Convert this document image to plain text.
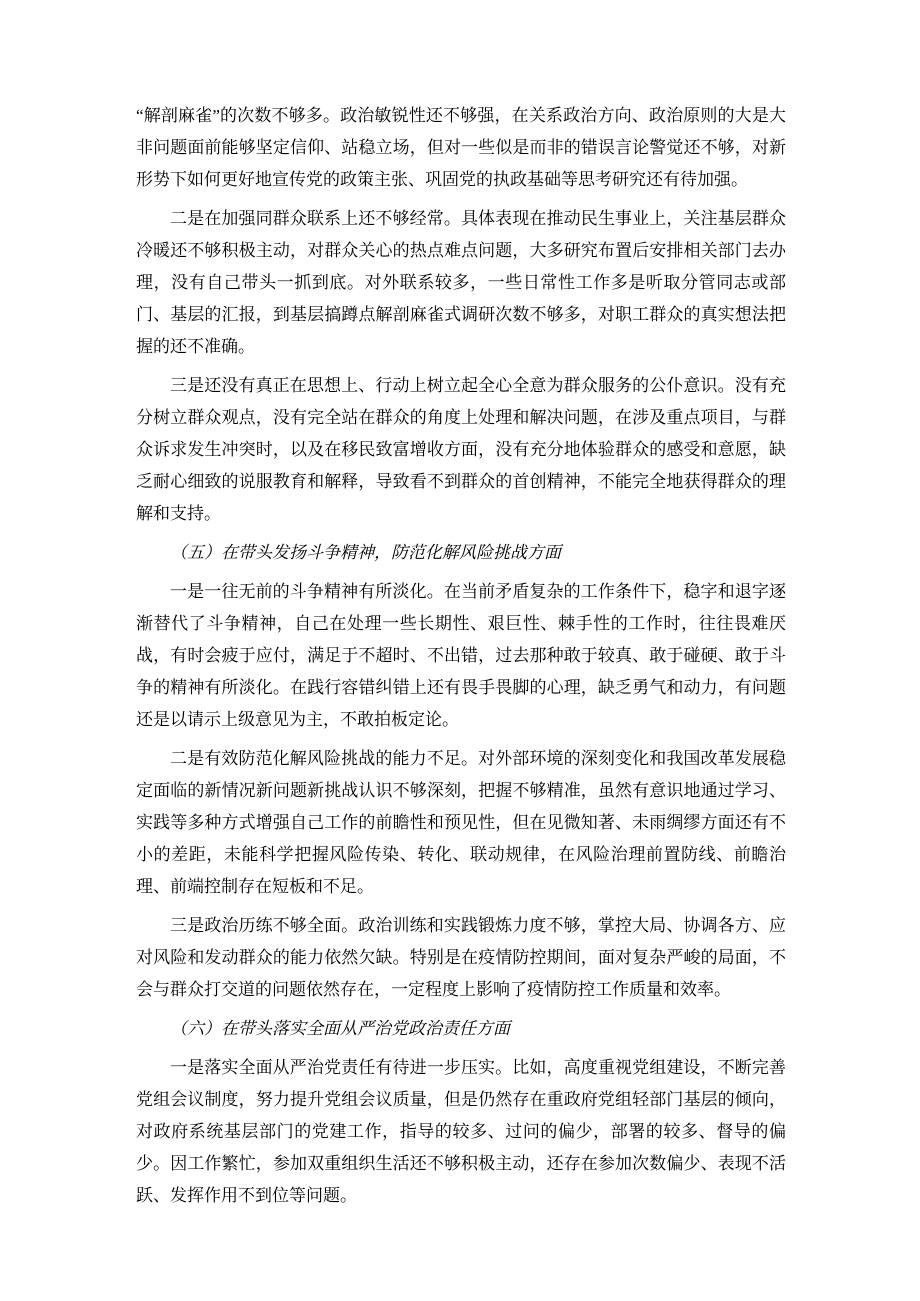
“解剖麻雀”的次数不够多。政治敏锐性还不够强，在关系政治方向、政治原则的大是大非问题面前能够坚定信仰、站稳立场，但对一些似是而非的错误言论警觉还不够，对新形势下如何更好地宣传党的政策主张、巩固党的执政基础等思考研究还有待加强。

二是在加强同群众联系上还不够经常。具体表现在推动民生事业上，关注基层群众冷暖还不够积极主动，对群众关心的热点难点问题，大多研究布置后安排相关部门去办理，没有自己带头一抓到底。对外联系较多，一些日常性工作多是听取分管同志或部门、基层的汇报，到基层搞蹲点解剖麻雀式调研次数不够多，对职工群众的真实想法把握的还不准确。

三是还没有真正在思想上、行动上树立起全心全意为群众服务的公仆意识。没有充分树立群众观点，没有完全站在群众的角度上处理和解决问题，在涉及重点项目，与群众诉求发生冲突时，以及在移民致富增收方面，没有充分地体验群众的感受和意愿，缺乏耐心细致的说服教育和解释，导致看不到群众的首创精神，不能完全地获得群众的理解和支持。

（五）在带头发扬斗争精神，防范化解风险挑战方面

一是一往无前的斗争精神有所淡化。在当前矛盾复杂的工作条件下，稳字和退字逐渐替代了斗争精神，自己在处理一些长期性、艰巨性、棘手性的工作时，往往畏难厌战，有时会疲于应付，满足于不超时、不出错，过去那种敢于较真、敢于碰硬、敢于斗争的精神有所淡化。在践行容错纠错上还有畏手畏脚的心理，缺乏勇气和动力，有问题还是以请示上级意见为主，不敢拍板定论。

二是有效防范化解风险挑战的能力不足。对外部环境的深刻变化和我国改革发展稳定面临的新情况新问题新挑战认识不够深刻，把握不够精准，虽然有意识地通过学习、实践等多种方式增强自己工作的前瞻性和预见性，但在见微知著、未雨绸缪方面还有不小的差距，未能科学把握风险传染、转化、联动规律，在风险治理前置防线、前瞻治理、前端控制存在短板和不足。

三是政治历练不够全面。政治训练和实践锻炼力度不够，掌控大局、协调各方、应对风险和发动群众的能力依然欠缺。特别是在疫情防控期间，面对复杂严峻的局面，不会与群众打交道的问题依然存在，一定程度上影响了疫情防控工作质量和效率。

（六）在带头落实全面从严治党政治责任方面

一是落实全面从严治党责任有待进一步压实。比如，高度重视党组建设，不断完善党组会议制度，努力提升党组会议质量，但是仍然存在重政府党组轻部门基层的倾向，对政府系统基层部门的党建工作，指导的较多、过问的偏少，部署的较多、督导的偏少。因工作繁忙，参加双重组织生活还不够积极主动，还存在参加次数偏少、表现不活跃、发挥作用不到位等问题。
